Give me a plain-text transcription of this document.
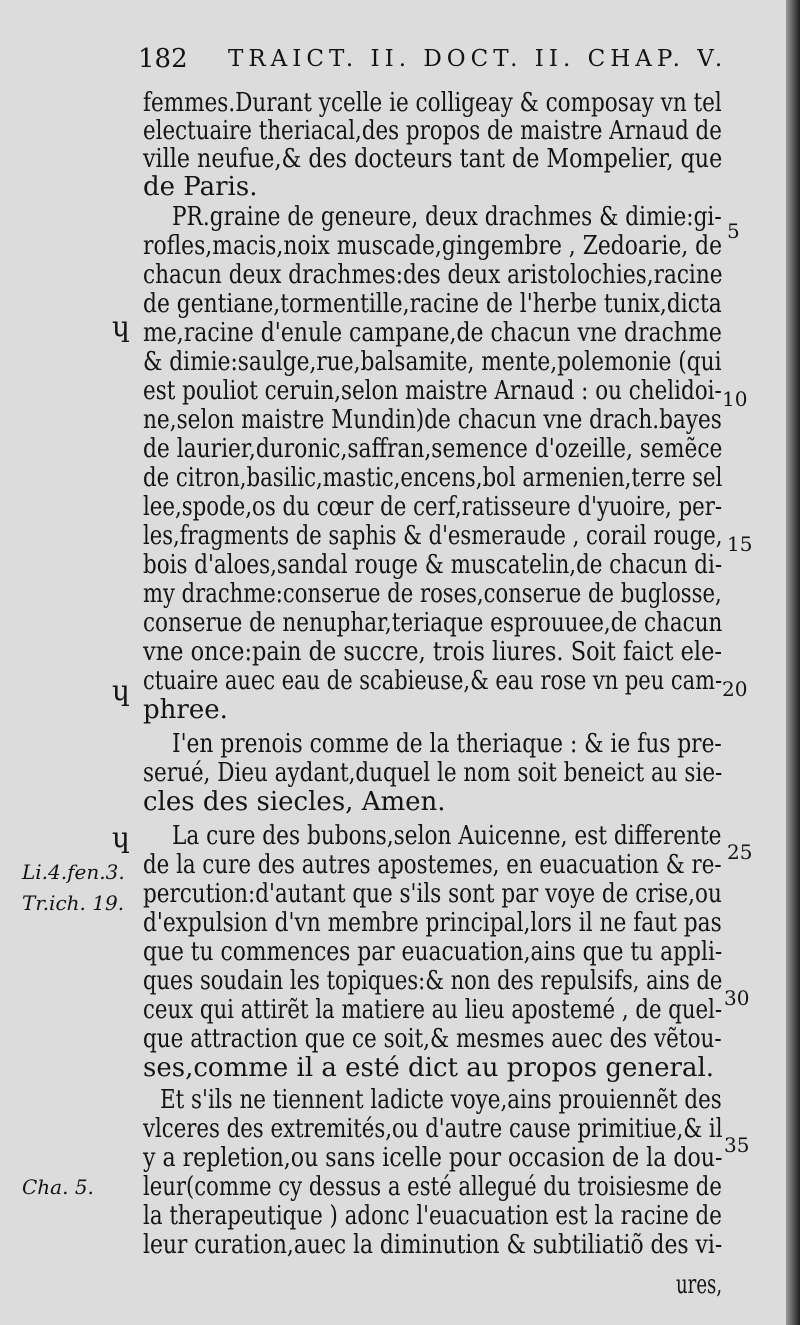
182 TRAICT. II. DOCT. II. CHAP. V.
femmes.Durant ycelle ie colligeay & composay vn tel
electuaire theriacal,des propos de maistre Arnaud de
ville neufue,& des docteurs tant de Mompelier, que
de Paris.
PR.graine de geneure, deux drachmes & dimie:gi-
rofles,macis,noix muscade,gingembre , Zedoarie, de
chacun deux drachmes:des deux aristolochies,racine
de gentiane,tormentille,racine de l'herbe tunix,dicta
me,racine d'enule campane,de chacun vne drachme
& dimie:saulge,rue,balsamite, mente,polemonie (qui
est pouliot ceruin,selon maistre Arnaud : ou chelidoi-
ne,selon maistre Mundin)de chacun vne drach.bayes
de laurier,duronic,saffran,semence d'ozeille, semẽce
de citron,basilic,mastic,encens,bol armenien,terre sel
lee,spode,os du cœur de cerf,ratisseure d'yuoire, per-
les,fragments de saphis & d'esmeraude , corail rouge,
bois d'aloes,sandal rouge & muscatelin,de chacun di-
my drachme:conserue de roses,conserue de buglosse,
conserue de nenuphar,teriaque esprouuee,de chacun
vne once:pain de succre, trois liures. Soit faict ele-
ctuaire auec eau de scabieuse,& eau rose vn peu cam-
phree.
I'en prenois comme de la theriaque : & ie fus pre-
serué, Dieu aydant,duquel le nom soit beneict au sie-
cles des siecles, Amen.
La cure des bubons,selon Auicenne, est differente
de la cure des autres apostemes, en euacuation & re-
percution:d'autant que s'ils sont par voye de crise,ou
d'expulsion d'vn membre principal,lors il ne faut pas
que tu commences par euacuation,ains que tu appli-
ques soudain les topiques:& non des repulsifs, ains de
ceux qui attirẽt la matiere au lieu apostemé , de quel-
que attraction que ce soit,& mesmes auec des vẽtou-
ses,comme il a esté dict au propos general.
Et s'ils ne tiennent ladicte voye,ains prouiennẽt des
vlceres des extremités,ou d'autre cause primitiue,& il
y a repletion,ou sans icelle pour occasion de la dou-
leur(comme cy dessus a esté allegué du troisiesme de
la therapeutique ) adonc l'euacuation est la racine de
leur curation,auec la diminution & subtiliatiõ des vi-
ures,
5
10
15
20
25
30
35
Li.4.fen.3.
Tr.ich. 19.
Cha. 5.
ɥ
ɥ
ɥ
